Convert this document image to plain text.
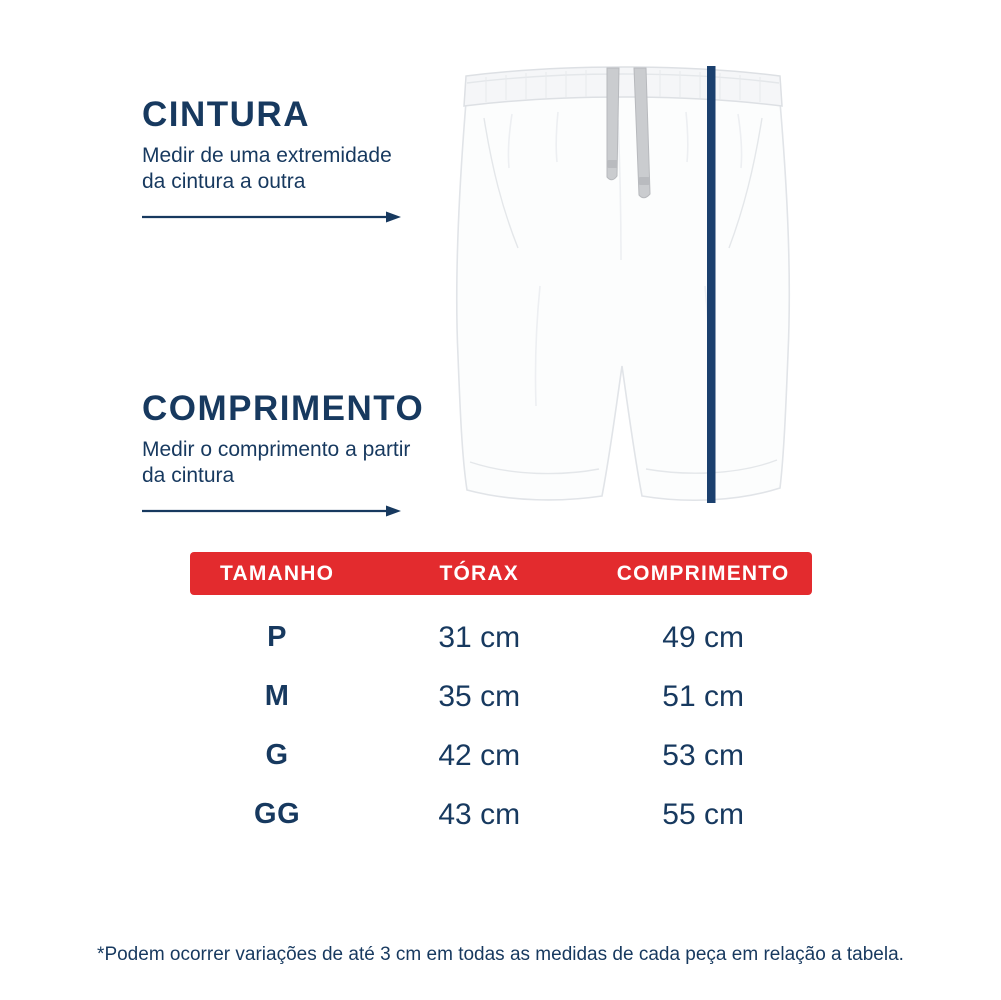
CINTURA
Medir de uma extremidade
da cintura a outra
COMPRIMENTO
Medir o comprimento a partir
da cintura
TAMANHO	TÓRAX	COMPRIMENTO
P	31 cm	49 cm
M	35 cm	51 cm
G	42 cm	53 cm
GG	43 cm	55 cm
*Podem ocorrer variações de até 3 cm em todas as medidas de cada peça em relação a tabela.
